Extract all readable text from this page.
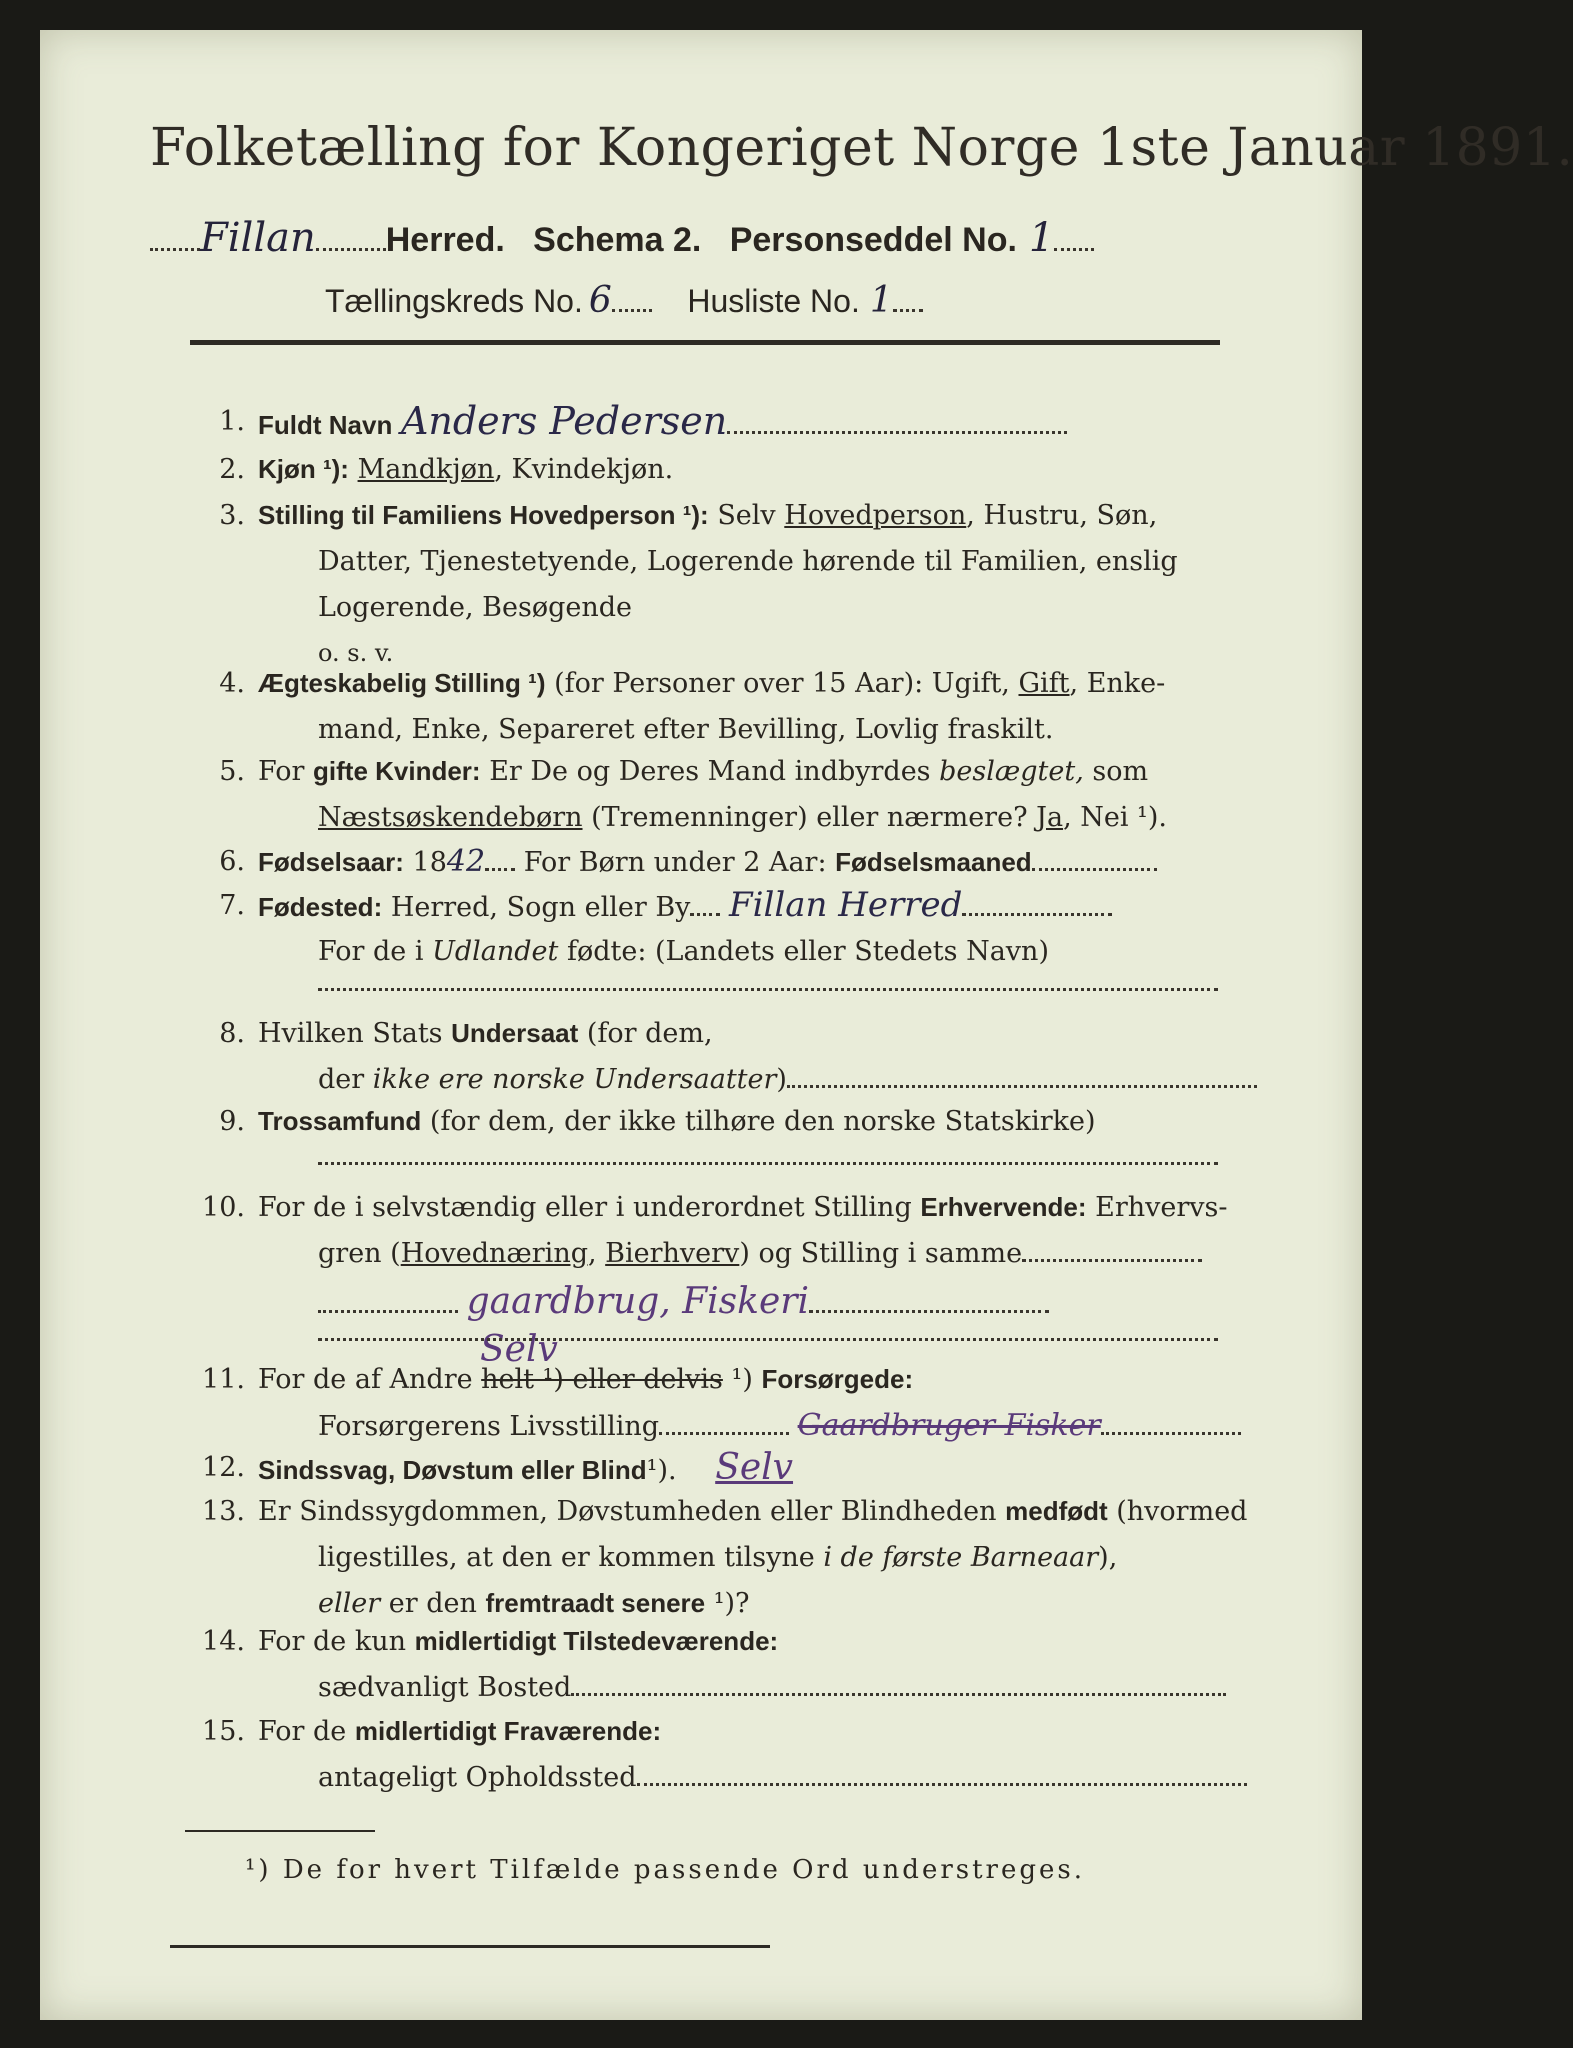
Folketælling for Kongeriget Norge 1ste Januar 1891.
Fillan Herred. Schema 2. Personseddel No. 1
Tællingskreds No. 6 Husliste No. 1
1. Fuldt Navn Anders Pedersen
2. Kjøn ¹): Mandkjøn, Kvindekjøn.
3. Stilling til Familiens Hovedperson ¹): Selv Hovedperson, Hustru, Søn,
Datter, Tjenestetyende, Logerende hørende til Familien, enslig
Logerende, Besøgende
o. s. v.
4. Ægteskabelig Stilling ¹) (for Personer over 15 Aar): Ugift, Gift, Enke-
mand, Enke, Separeret efter Bevilling, Lovlig fraskilt.
5. For gifte Kvinder: Er De og Deres Mand indbyrdes beslægtet, som
Næstsøskendebørn (Tremenninger) eller nærmere? Ja, Nei ¹).
6. Fødselsaar: 1842 For Børn under 2 Aar: Fødselsmaaned
7. Fødested: Herred, Sogn eller By Fillan Herred
For de i Udlandet fødte: (Landets eller Stedets Navn)
8. Hvilken Stats Undersaat (for dem,
der ikke ere norske Undersaatter)
9. Trossamfund (for dem, der ikke tilhøre den norske Statskirke)
10. For de i selvstændig eller i underordnet Stilling Erhvervende: Erhvervs-
gren (Hovednæring, Bierhverv) og Stilling i samme
gaardbrug, Fiskeri
Selv
11. For de af Andre helt ¹) eller delvis ¹) Forsørgede:
Forsørgerens Livsstilling	Gaardbruger Fisker
12. Sindssvag, Døvstum eller Blind¹). Selv
13. Er Sindssygdommen, Døvstumheden eller Blindheden medfødt (hvormed
ligestilles, at den er kommen tilsyne i de første Barneaar),
eller er den fremtraadt senere ¹)?
14. For de kun midlertidigt Tilstedeværende:
sædvanligt Bosted
15. For de midlertidigt Fraværende:
antageligt Opholdssted
¹) De for hvert Tilfælde passende Ord understreges.
